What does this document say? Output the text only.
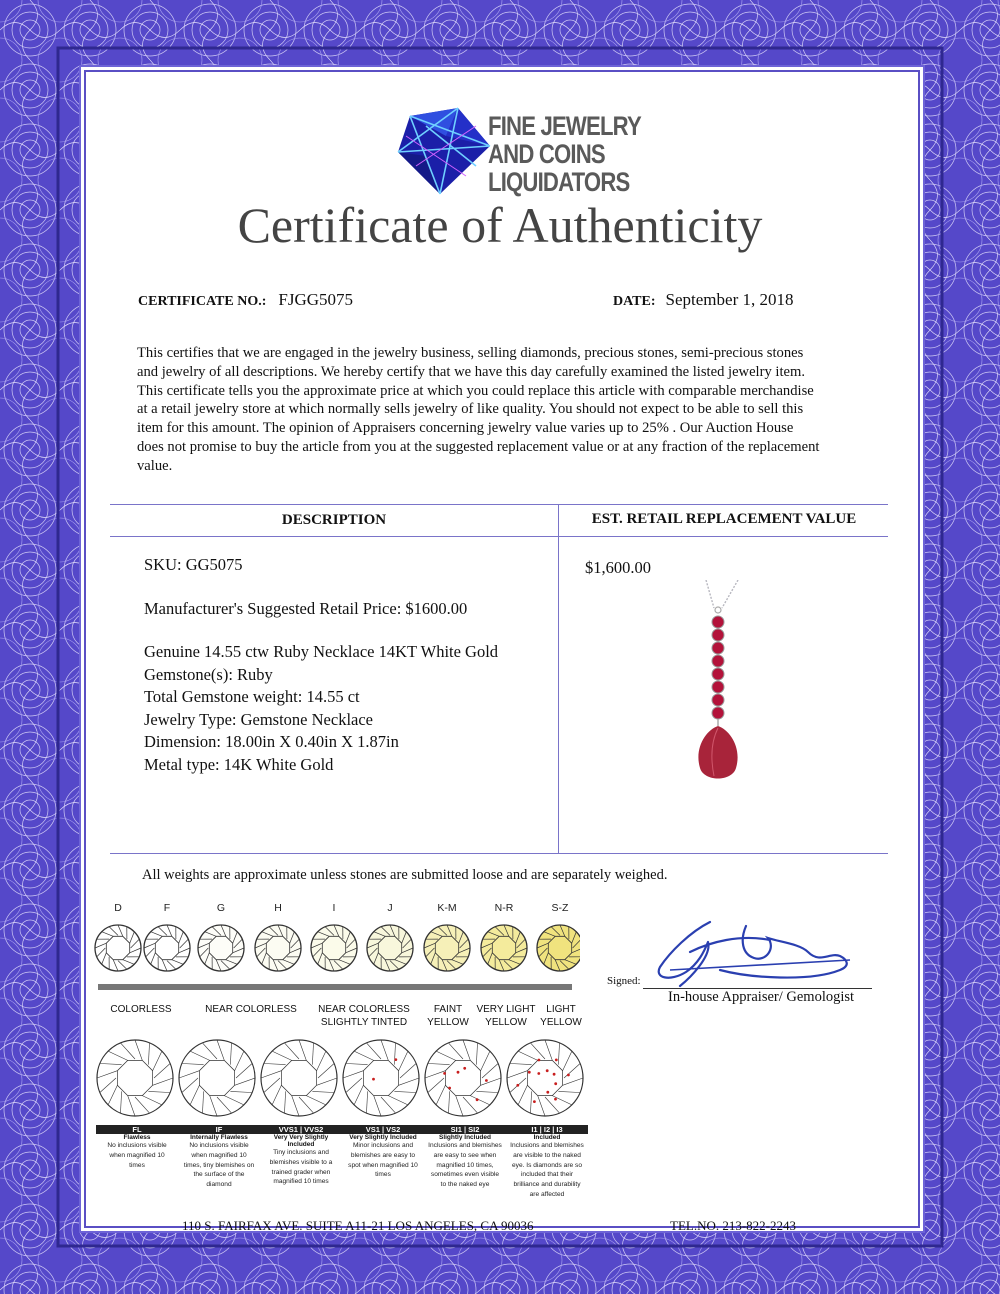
FINE JEWELRY
AND COINS
LIQUIDATORS
Certificate of Authenticity
CERTIFICATE NO.: FJGG5075	DATE: September 1, 2018
This certifies that we are engaged in the jewelry business, selling diamonds, precious stones, semi-precious stones
and jewelry of all descriptions. We hereby certify that we have this day carefully examined the listed jewelry item.
This certificate tells you the approximate price at which you could replace this article with comparable merchandise
at a retail jewelry store at which normally sells jewelry of like quality. You should not expect to be able to sell this
item for this amount. The opinion of Appraisers concerning jewelry value varies up to 25% . Our Auction House
does not promise to buy the article from you at the suggested replacement value or at any fraction of the replacement
value.
DESCRIPTION	EST. RETAIL REPLACEMENT VALUE

SKU: GG5075

Manufacturer's Suggested Retail Price: $1600.00

Genuine 14.55 ctw Ruby Necklace 14KT White Gold

Gemstone(s): Ruby

Total Gemstone weight: 14.55 ct

Jewelry Type: Gemstone Necklace

Dimension: 18.00in X 0.40in X 1.87in

Metal type: 14K White Gold

$1,600.00
All weights are approximate unless stones are submitted loose and are separately weighed.
D	F	G	H	I	J	K-M	N-R	S-Z
COLORLESS	NEAR COLORLESS	NEAR COLORLESS
SLIGHTLY TINTED
FAINT
YELLOW
VERY LIGHT
YELLOW
LIGHT
YELLOW
FL
Flawless
No inclusions visible
when magnified 10
times
IF
Internally Flawless
No inclusions visible
when magnified 10
times, tiny blemishes on
the surface of the
diamond
VVS1 | VVS2
Very Very Slightly Included
Tiny inclusions and
blemishes visible to a
trained grader when
magnified 10 times
VS1 | VS2
Very Slightly Included
Minor inclusions and
blemishes are easy to
spot when magnified 10
times
SI1 | SI2
Slightly Included
Inclusions and blemishes
are easy to see when
magnified 10 times,
sometimes even visible
to the naked eye
I1 | I2 | I3
Included
Inclusions and blemishes
are visible to the naked
eye. Is diamonds are so
included that their
brilliance and durability
are affected
Signed:
In-house Appraiser/ Gemologist
110 S. FAIRFAX AVE. SUITE A11-21 LOS ANGELES, CA 90036	TEL.NO. 213-822-2243
